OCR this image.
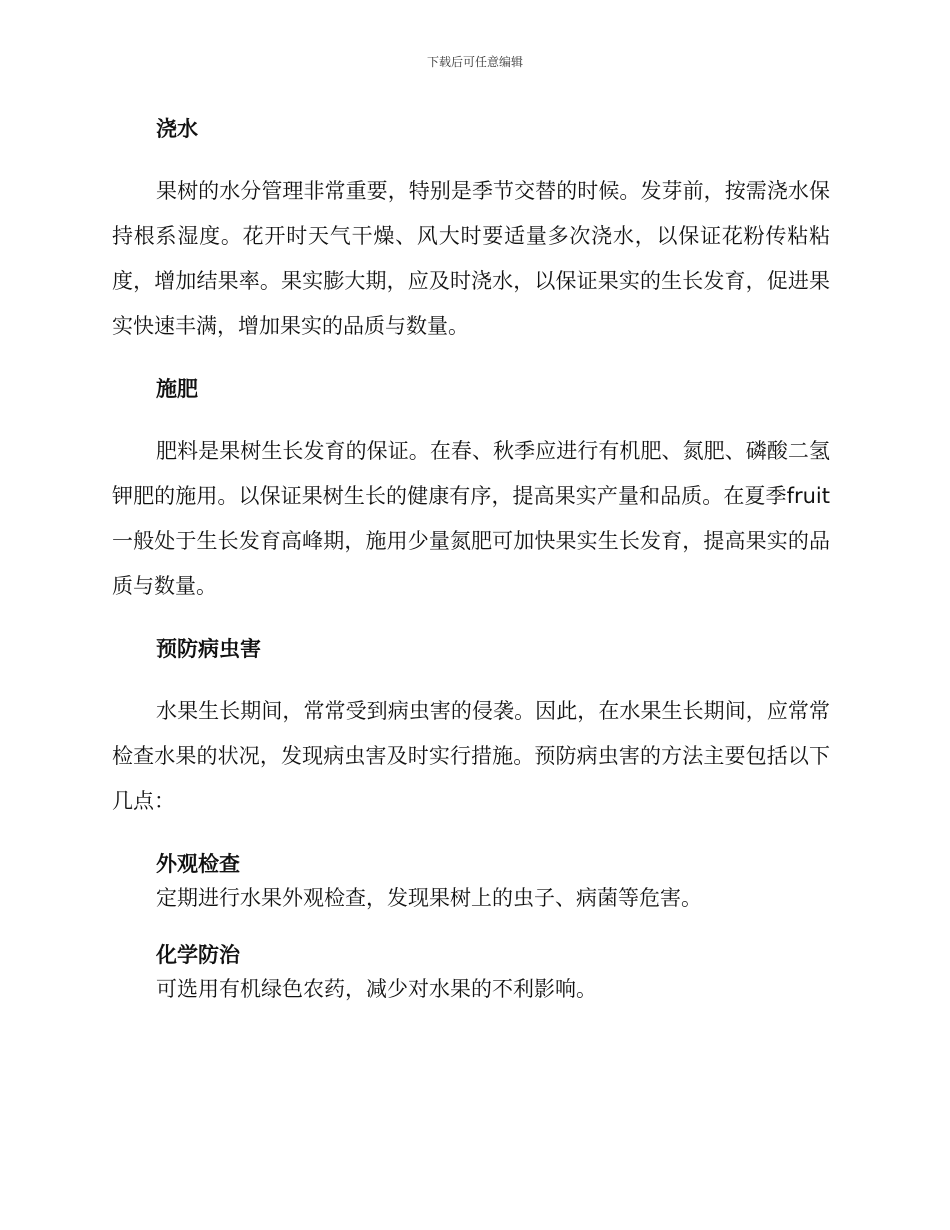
下载后可任意编辑
浇水

果树的水分管理非常重要，特别是季节交替的时候。发芽前，按需浇水保持根系湿度。花开时天气干燥、风大时要适量多次浇水，以保证花粉传粘粘度，增加结果率。果实膨大期，应及时浇水，以保证果实的生长发育，促进果实快速丰满，增加果实的品质与数量。

施肥

肥料是果树生长发育的保证。在春、秋季应进行有机肥、氮肥、磷酸二氢钾肥的施用。以保证果树生长的健康有序，提高果实产量和品质。在夏季fruit一般处于生长发育高峰期，施用少量氮肥可加快果实生长发育，提高果实的品质与数量。

预防病虫害

水果生长期间，常常受到病虫害的侵袭。因此，在水果生长期间，应常常检查水果的状况，发现病虫害及时实行措施。预防病虫害的方法主要包括以下几点：

外观检查

定期进行水果外观检查，发现果树上的虫子、病菌等危害。

化学防治

可选用有机绿色农药，减少对水果的不利影响。
